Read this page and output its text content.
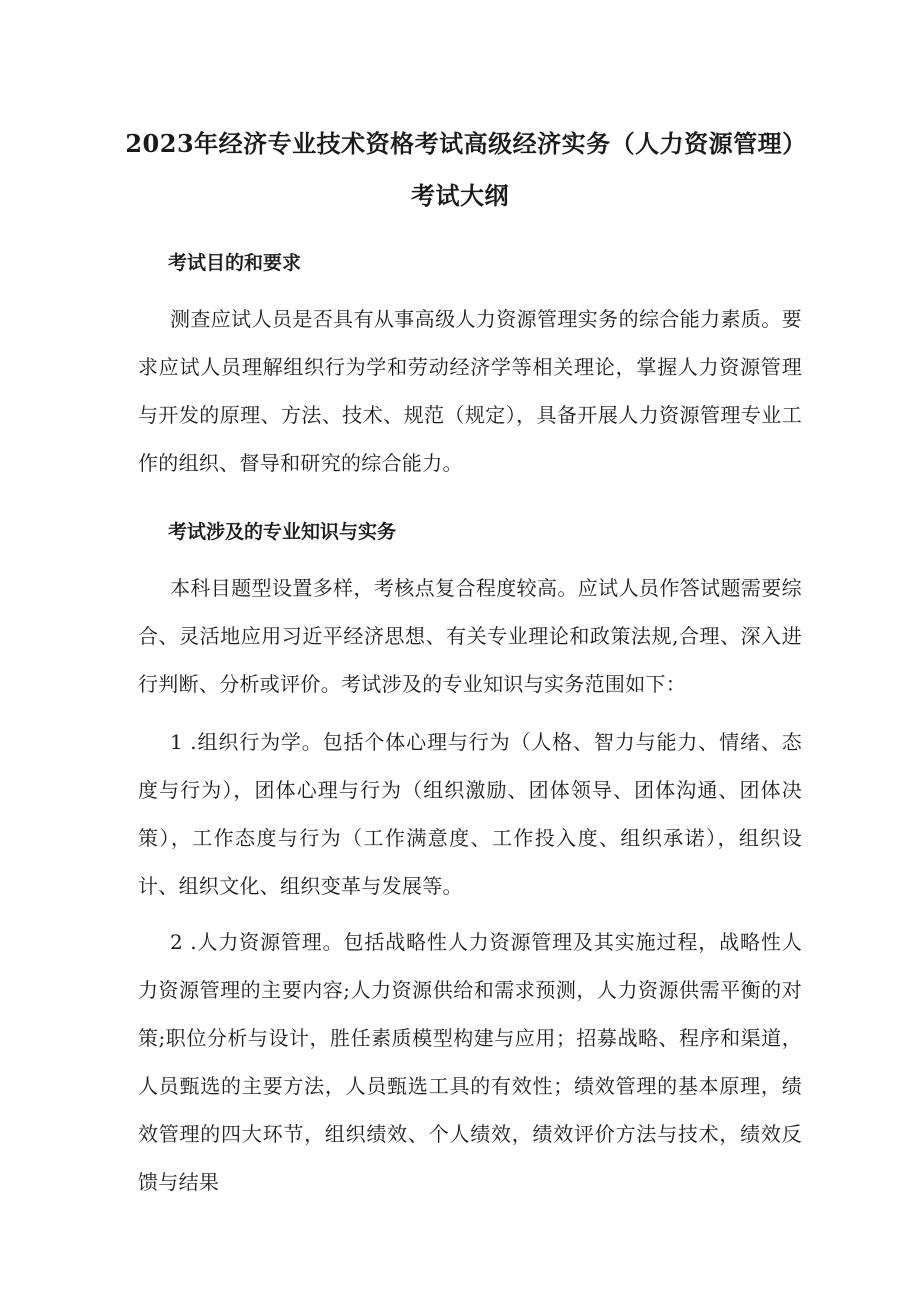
2023年经济专业技术资格考试高级经济实务（人力资源管理）考试大纲
考试目的和要求

测查应试人员是否具有从事高级人力资源管理实务的综合能力素质。要求应试人员理解组织行为学和劳动经济学等相关理论，掌握人力资源管理与开发的原理、方法、技术、规范（规定），具备开展人力资源管理专业工作的组织、督导和研究的综合能力。

考试涉及的专业知识与实务

本科目题型设置多样，考核点复合程度较高。应试人员作答试题需要综合、灵活地应用习近平经济思想、有关专业理论和政策法规,合理、深入进行判断、分析或评价。考试涉及的专业知识与实务范围如下：

1 .组织行为学。包括个体心理与行为（人格、智力与能力、情绪、态度与行为），团体心理与行为（组织激励、团体领导、团体沟通、团体决策），工作态度与行为（工作满意度、工作投入度、组织承诺），组织设计、组织文化、组织变革与发展等。

2 .人力资源管理。包括战略性人力资源管理及其实施过程，战略性人力资源管理的主要内容;人力资源供给和需求预测，人力资源供需平衡的对策;职位分析与设计，胜任素质模型构建与应用；招募战略、程序和渠道，人员甄选的主要方法，人员甄选工具的有效性；绩效管理的基本原理，绩效管理的四大环节，组织绩效、个人绩效，绩效评价方法与技术，绩效反馈与结果
